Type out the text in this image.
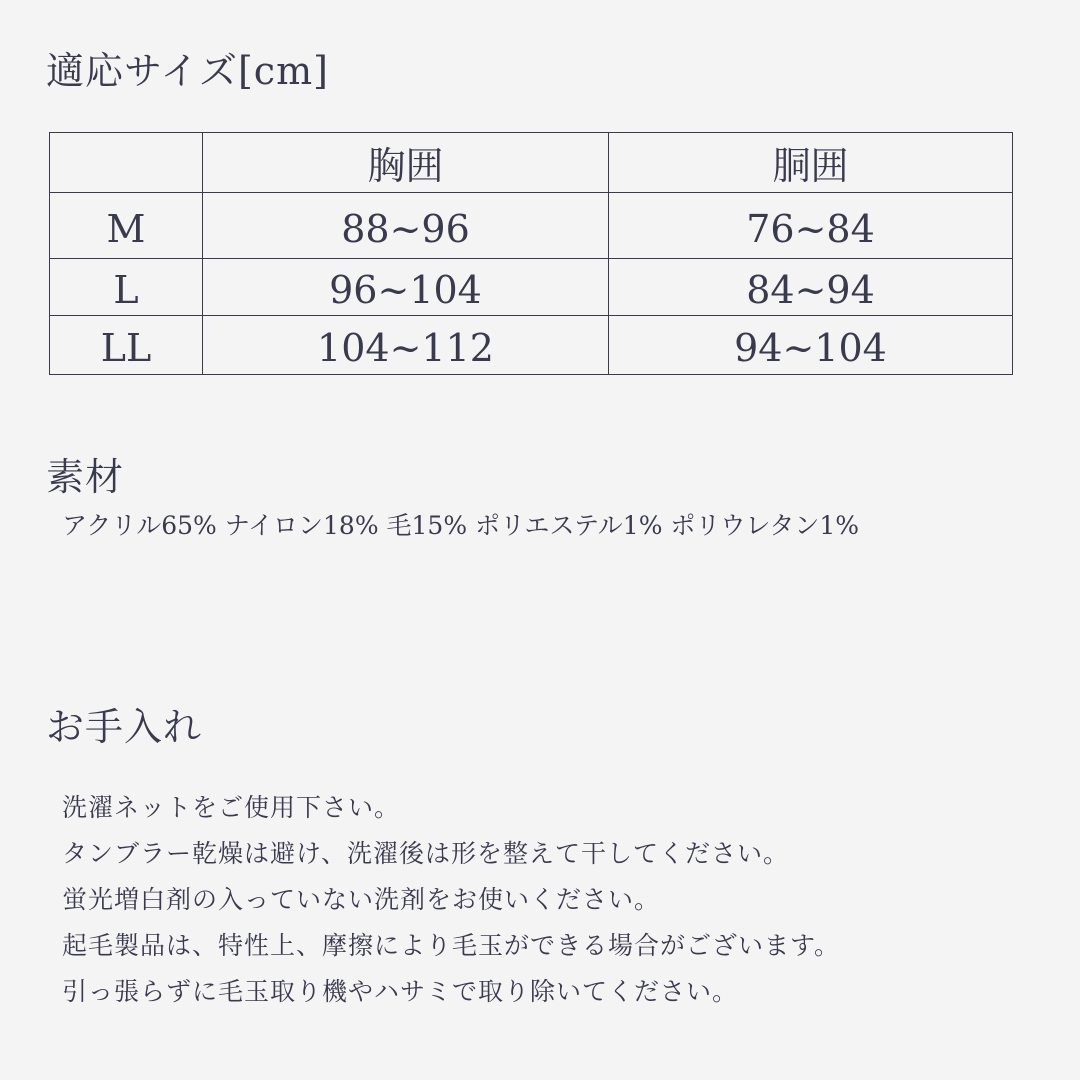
適応サイズ[cm]
	胸囲	胴囲
M	88~96	76~84
L	96~104	84~94
LL	104~112	94~104
素材

アクリル65% ナイロン18% 毛15% ポリエステル1% ポリウレタン1%

お手入れ
洗濯ネットをご使用下さい。
タンブラー乾燥は避け、洗濯後は形を整えて干してください。
蛍光増白剤の入っていない洗剤をお使いください。
起毛製品は、特性上、摩擦により毛玉ができる場合がございます。
引っ張らずに毛玉取り機やハサミで取り除いてください。
